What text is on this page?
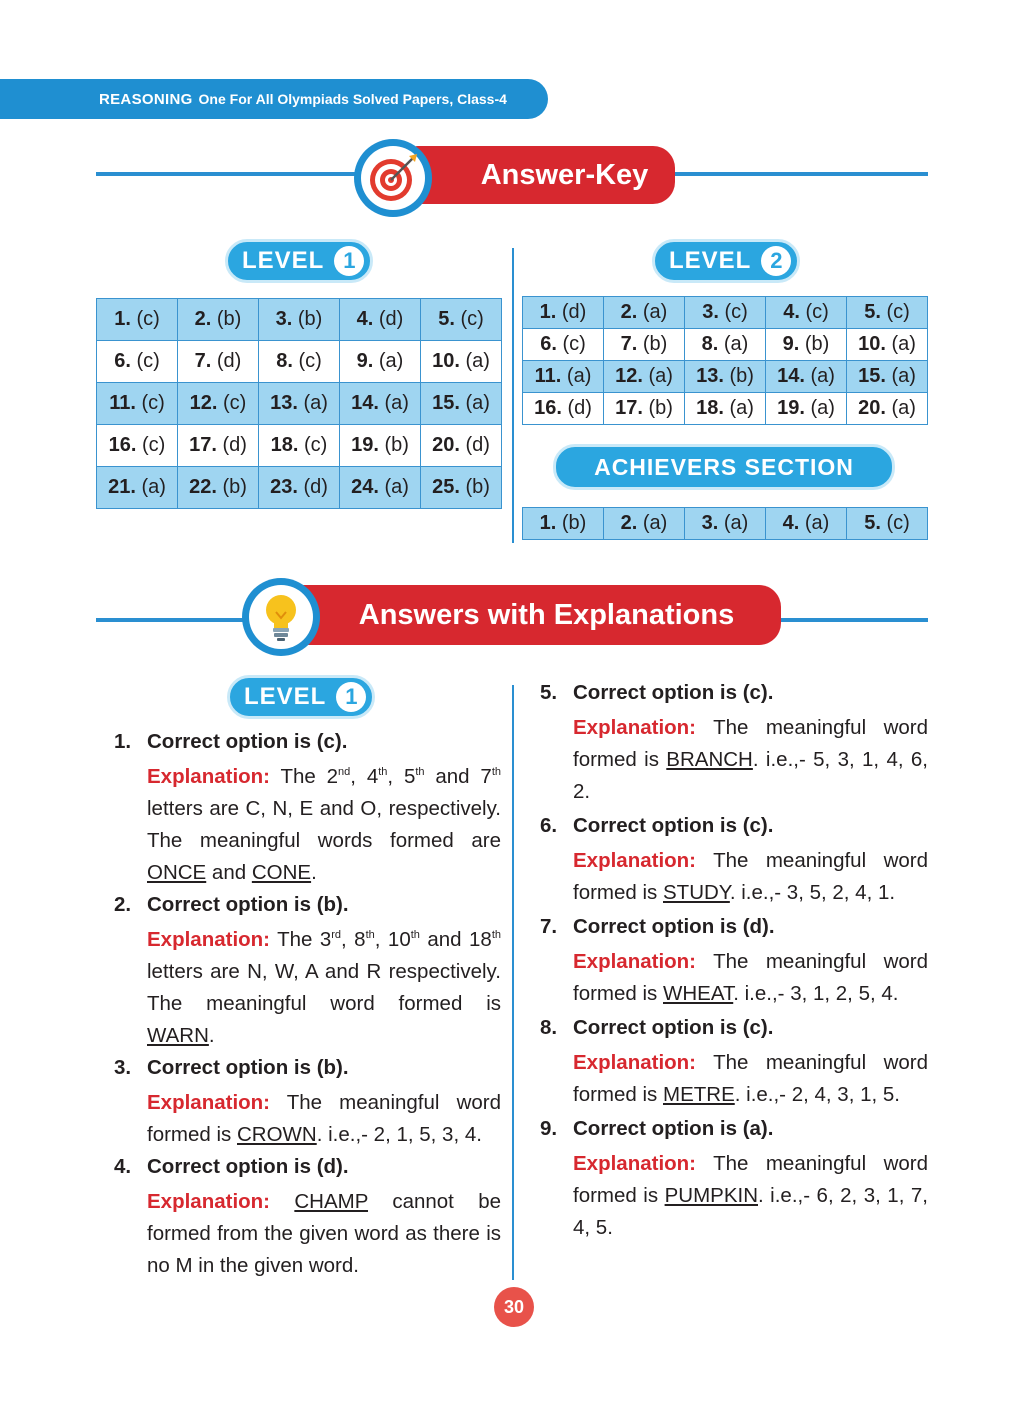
REASONING One For All Olympiads Solved Papers, Class-4
Answer-Key
LEVEL 1	LEVEL 2
1. (c)	2. (b)	3. (b)	4. (d)	5. (c)
6. (c)	7. (d)	8. (c)	9. (a)	10. (a)
11. (c)	12. (c)	13. (a)	14. (a)	15. (a)
16. (c)	17. (d)	18. (c)	19. (b)	20. (d)
21. (a)	22. (b)	23. (d)	24. (a)	25. (b)
1. (d)	2. (a)	3. (c)	4. (c)	5. (c)
6. (c)	7. (b)	8. (a)	9. (b)	10. (a)
11. (a)	12. (a)	13. (b)	14. (a)	15. (a)
16. (d)	17. (b)	18. (a)	19. (a)	20. (a)
ACHIEVERS SECTION
1. (b)	2. (a)	3. (a)	4. (a)	5. (c)
Answers with Explanations
LEVEL 1
1. Correct option is (c).
Explanation: The 2nd, 4th, 5th and 7th letters are C, N, E and O, respectively. The meaningful words formed are ONCE and CONE.
2. Correct option is (b).
Explanation: The 3rd, 8th, 10th and 18th letters are N, W, A and R respectively. The meaningful word formed is WARN.
3. Correct option is (b).
Explanation: The meaningful word formed is CROWN. i.e.,- 2, 1, 5, 3, 4.
4. Correct option is (d).
Explanation: CHAMP cannot be formed from the given word as there is no M in the given word.
5. Correct option is (c).
Explanation: The meaningful word formed is BRANCH. i.e.,- 5, 3, 1, 4, 6, 2.
6. Correct option is (c).
Explanation: The meaningful word formed is STUDY. i.e.,- 3, 5, 2, 4, 1.
7. Correct option is (d).
Explanation: The meaningful word formed is WHEAT. i.e.,- 3, 1, 2, 5, 4.
8. Correct option is (c).
Explanation: The meaningful word formed is METRE. i.e.,- 2, 4, 3, 1, 5.
9. Correct option is (a).
Explanation: The meaningful word formed is PUMPKIN. i.e.,- 6, 2, 3, 1, 7, 4, 5.
30
